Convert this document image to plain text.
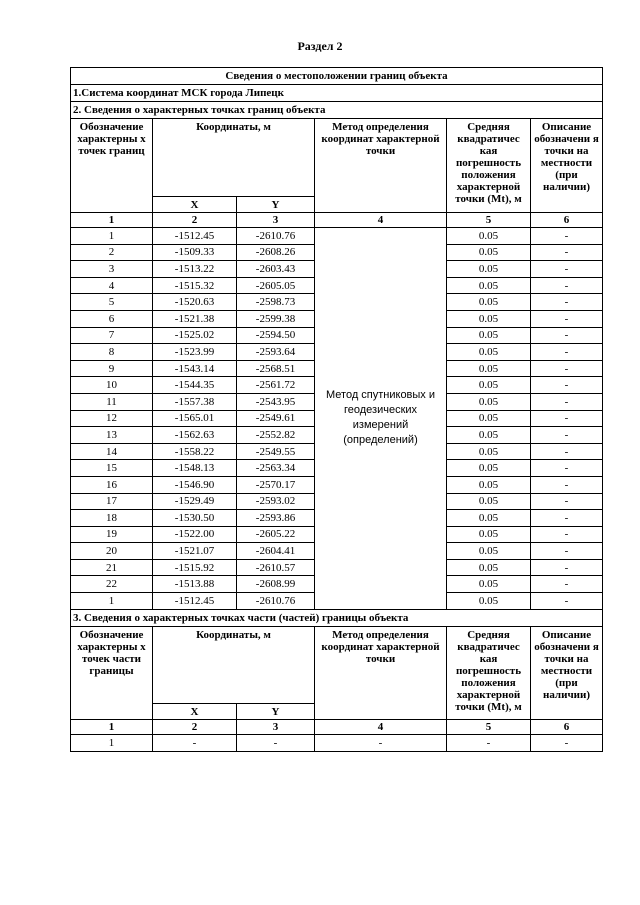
Раздел 2
Сведения о местоположении границ объекта					
1.Система координат МСК города Липецк					
2. Сведения о характерных точках границ объекта					
Обозначение характерны х точек границ	Координаты, м		Метод определения координат характерной точки	Средняя квадратичес кая погрешность положения характерной точки (Mt), м	Описание обозначени я точки на местности (при наличии)
	X	Y			
1	2	3	4	5	6
1	-1512.45	-2610.76	Метод спутниковых и геодезических измерений (определений)	0.05	-
2	-1509.33	-2608.26		0.05	-
3	-1513.22	-2603.43		0.05	-
4	-1515.32	-2605.05		0.05	-
5	-1520.63	-2598.73		0.05	-
6	-1521.38	-2599.38		0.05	-
7	-1525.02	-2594.50		0.05	-
8	-1523.99	-2593.64		0.05	-
9	-1543.14	-2568.51		0.05	-
10	-1544.35	-2561.72		0.05	-
11	-1557.38	-2543.95		0.05	-
12	-1565.01	-2549.61		0.05	-
13	-1562.63	-2552.82		0.05	-
14	-1558.22	-2549.55		0.05	-
15	-1548.13	-2563.34		0.05	-
16	-1546.90	-2570.17		0.05	-
17	-1529.49	-2593.02		0.05	-
18	-1530.50	-2593.86		0.05	-
19	-1522.00	-2605.22		0.05	-
20	-1521.07	-2604.41		0.05	-
21	-1515.92	-2610.57		0.05	-
22	-1513.88	-2608.99		0.05	-
1	-1512.45	-2610.76		0.05	-
3. Сведения о характерных точках части (частей) границы объекта					
Обозначение характерны х точек части границы	Координаты, м		Метод определения координат характерной точки	Средняя квадратичес кая погрешность положения характерной точки (Mt), м	Описание обозначени я точки на местности (при наличии)
	X	Y			
1	2	3	4	5	6
1	-	-	-	-	-
